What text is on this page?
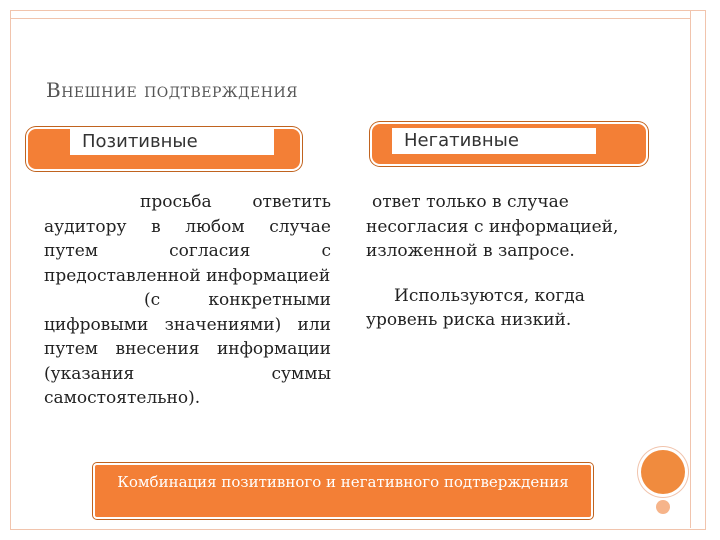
Внешние подтверждения
Позитивные	Негативные

просьба ответить аудитору в любом случае путем согласия с предоставленной информацией

(с конкретными цифровыми значениями) или путем внесения информации (указания суммы самостоятельно).

ответ только в случае несогласия с информацией, изложенной в запросе.

Используются, когда уровень риска низкий.

Комбинация позитивного и негативного подтверждения
